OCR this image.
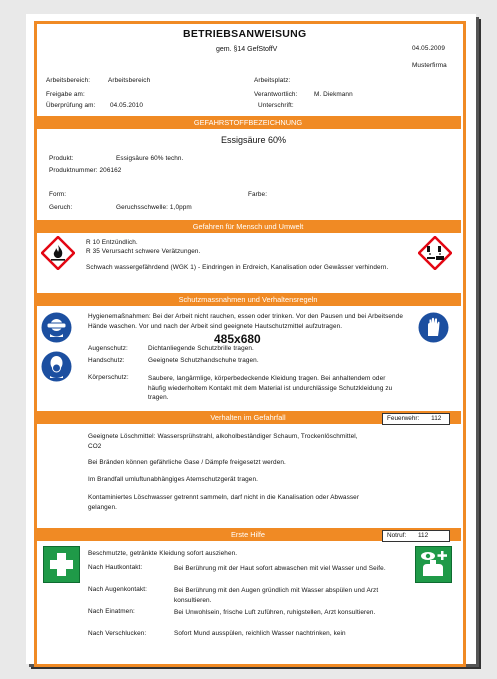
BETRIEBSANWEISUNG
gem. §14 GefStoffV	04.05.2009
Musterfirma
Arbeitsbereich:	Arbeitsbereich	Arbeitsplatz:
Freigabe am:	Verantwortlich:	M. Diekmann
Überprüfung am: 04.05.2010	Unterschrift:
GEFAHRSTOFFBEZEICHNUNG
Essigsäure 60%
Produkt:	Essigsäure 60% techn.
Produktnummer: 206162
Form:	Farbe:
Geruch:	Geruchsschwelle: 1,0ppm
Gefahren für Mensch und Umwelt
R 10 Entzündlich.
R 35 Verursacht schwere Verätzungen.
Schwach wassergefährdend (WGK 1) - Eindringen in Erdreich, Kanalisation oder Gewässer verhindern.
Schutzmassnahmen und Verhaltensregeln
Hygienemaßnahmen: Bei der Arbeit nicht rauchen, essen oder trinken. Vor den Pausen und bei Arbeitsende Hände waschen. Vor und nach der Arbeit sind geeignete Hautschutzmittel aufzutragen.
485x680
Augenschutz:	Dichtanliegende Schutzbrille tragen.
Handschutz:	Geeignete Schutzhandschuhe tragen.
Körperschutz:	Saubere, langärmlige, körperbedeckende Kleidung tragen. Bei anhaltendem oder häufig wiederholtem Kontakt mit dem Material ist undurchlässige Schutzkleidung zu tragen.
Verhalten im Gefahrfall	Feuerwehr: 112
Geeignete Löschmittel: Wassersprühstrahl, alkoholbeständiger Schaum, Trockenlöschmittel, CO2
Bei Bränden können gefährliche Gase / Dämpfe freigesetzt werden.
Im Brandfall umluftunabhängiges Atemschutzgerät tragen.
Kontaminiertes Löschwasser getrennt sammeln, darf nicht in die Kanalisation oder Abwasser gelangen.
Erste Hilfe	Notruf: 112
Beschmutzte, getränkte Kleidung sofort ausziehen.
Nach Hautkontakt:	Bei Berührung mit der Haut sofort abwaschen mit viel Wasser und Seife.
Nach Augenkontakt:	Bei Berührung mit den Augen gründlich mit Wasser abspülen und Arzt konsultieren.
Nach Einatmen:	Bei Unwohlsein, frische Luft zuführen, ruhigstellen, Arzt konsultieren.
Nach Verschlucken:	Sofort Mund ausspülen, reichlich Wasser nachtrinken, kein
